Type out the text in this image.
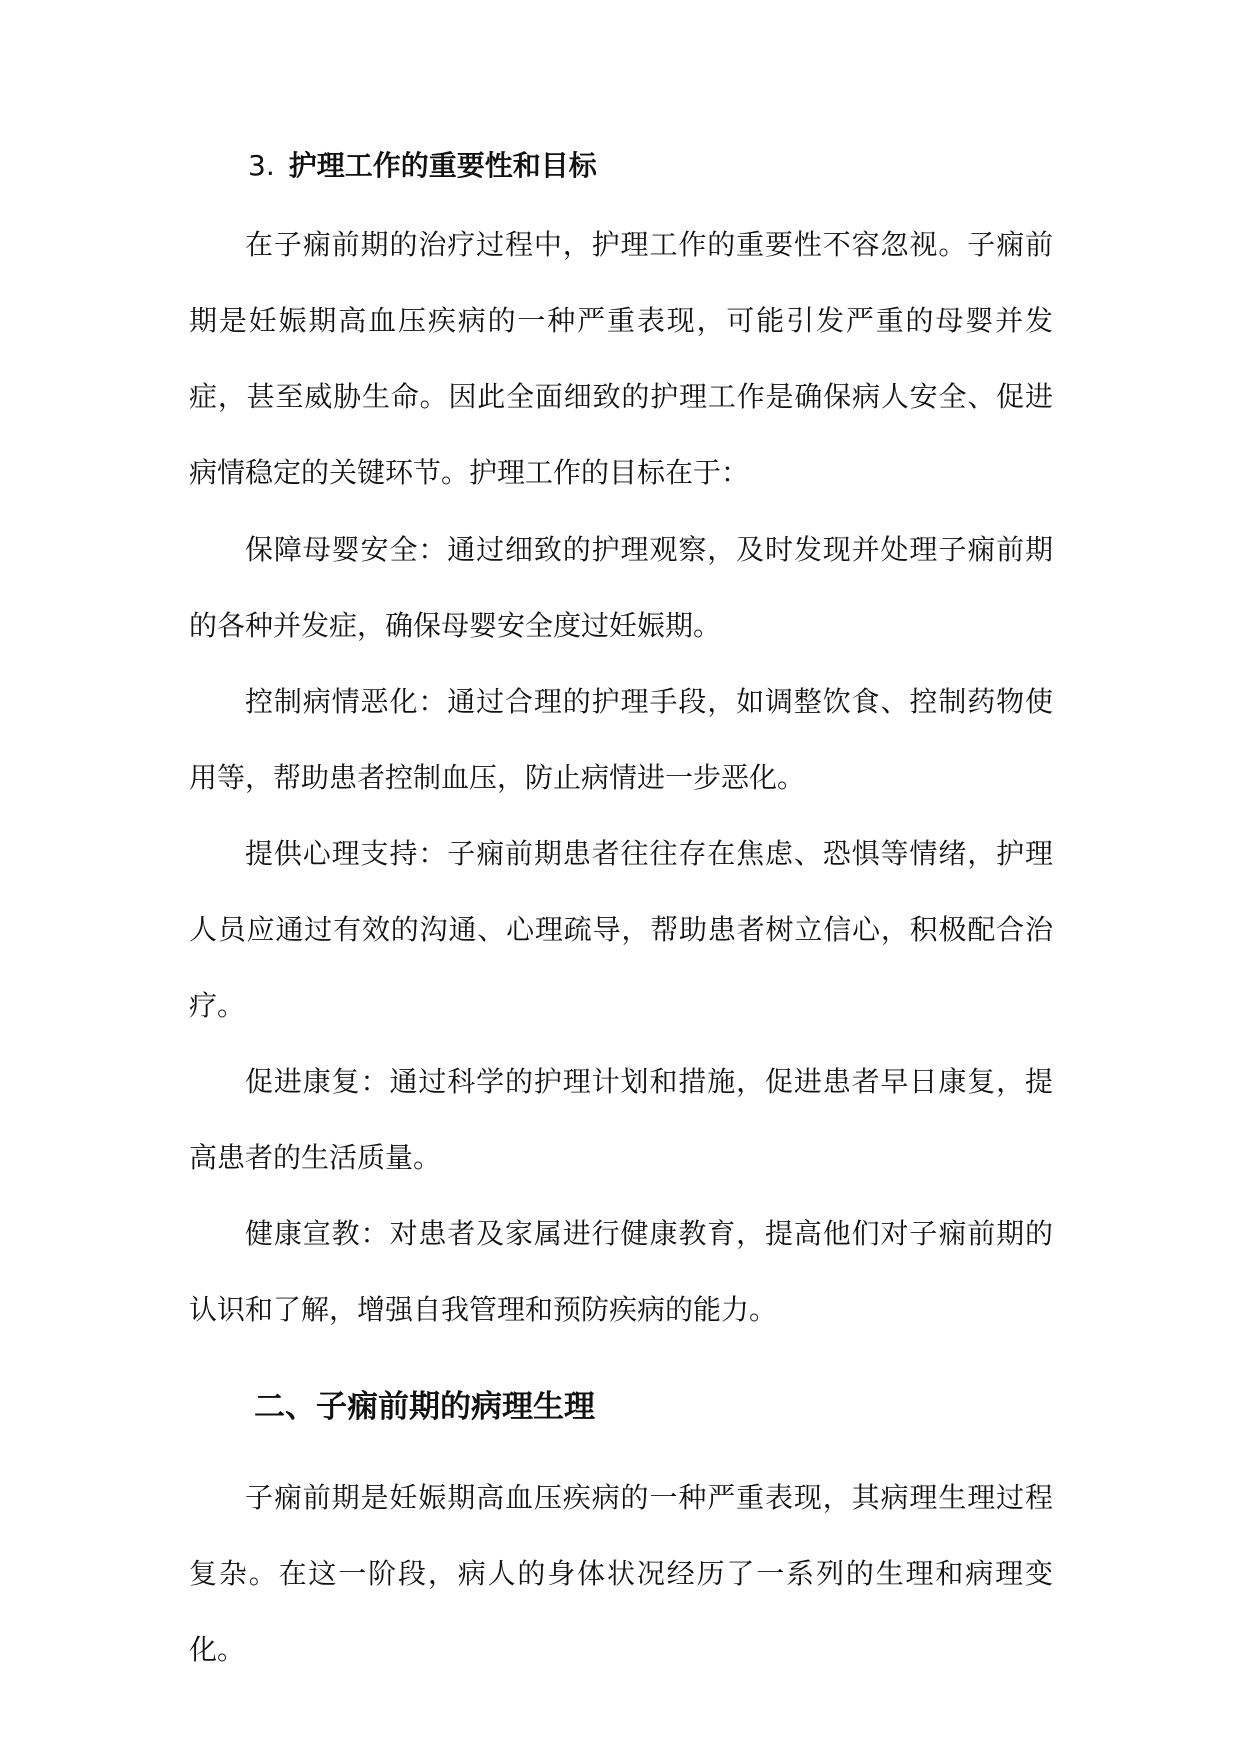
3. 护理工作的重要性和目标

在子痫前期的治疗过程中，护理工作的重要性不容忽视。子痫前期是妊娠期高血压疾病的一种严重表现，可能引发严重的母婴并发症，甚至威胁生命。因此全面细致的护理工作是确保病人安全、促进病情稳定的关键环节。护理工作的目标在于：

保障母婴安全：通过细致的护理观察，及时发现并处理子痫前期的各种并发症，确保母婴安全度过妊娠期。

控制病情恶化：通过合理的护理手段，如调整饮食、控制药物使用等，帮助患者控制血压，防止病情进一步恶化。

提供心理支持：子痫前期患者往往存在焦虑、恐惧等情绪，护理人员应通过有效的沟通、心理疏导，帮助患者树立信心，积极配合治疗。

促进康复：通过科学的护理计划和措施，促进患者早日康复，提高患者的生活质量。

健康宣教：对患者及家属进行健康教育，提高他们对子痫前期的认识和了解，增强自我管理和预防疾病的能力。

二、子痫前期的病理生理

子痫前期是妊娠期高血压疾病的一种严重表现，其病理生理过程复杂。在这一阶段，病人的身体状况经历了一系列的生理和病理变化。
